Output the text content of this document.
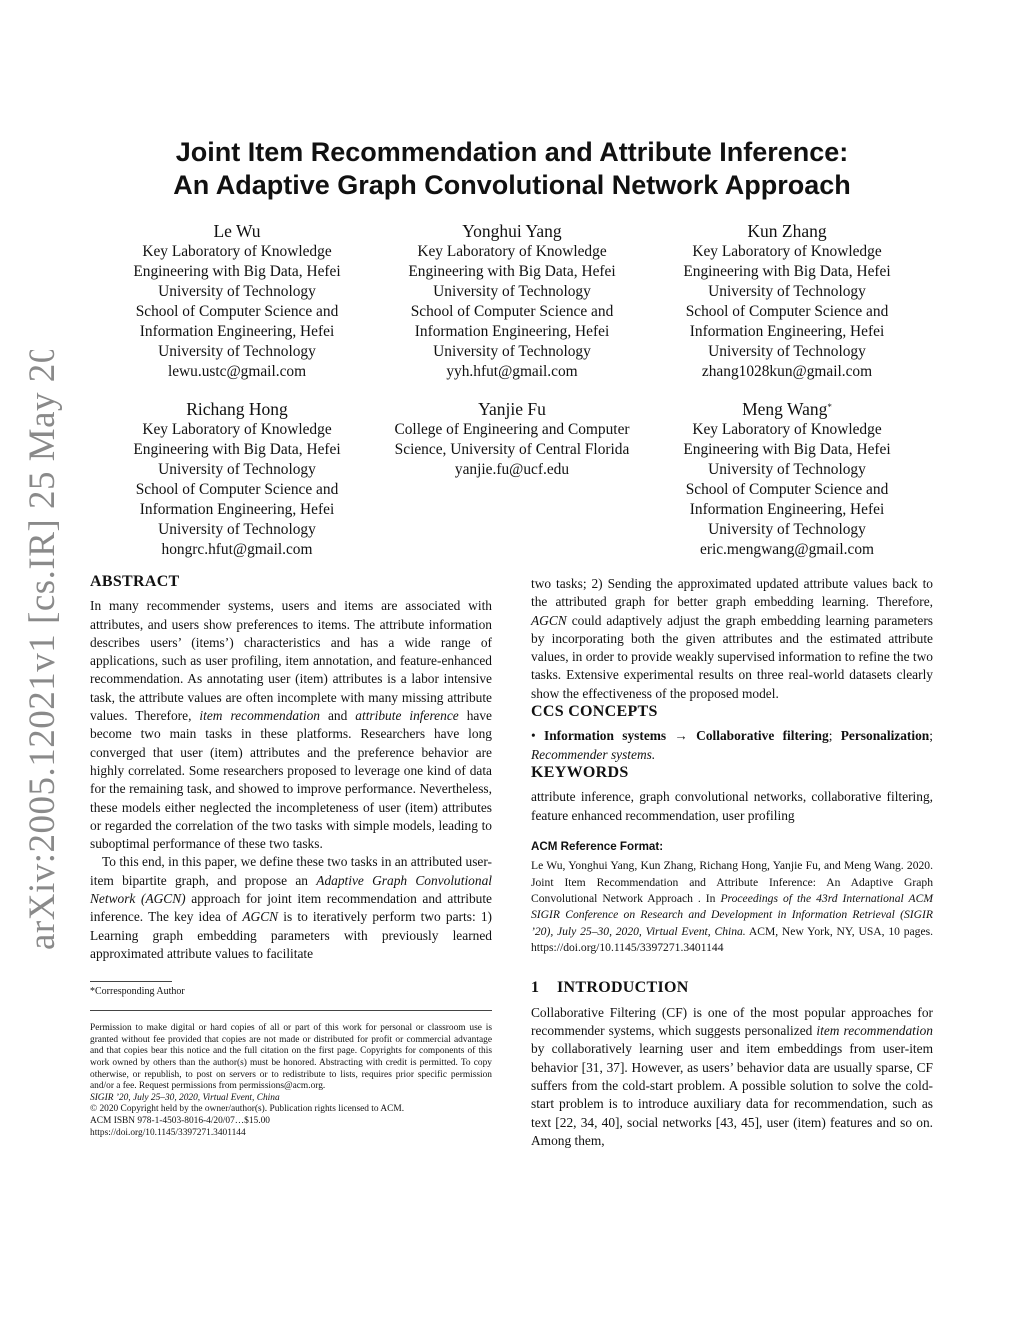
arXiv:2005.12021v1 [cs.IR] 25 May 2020
Joint Item Recommendation and Attribute Inference:
An Adaptive Graph Convolutional Network Approach
Le Wu
Key Laboratory of Knowledge
Engineering with Big Data, Hefei
University of Technology
School of Computer Science and
Information Engineering, Hefei
University of Technology
lewu.ustc@gmail.com
Yonghui Yang
Key Laboratory of Knowledge
Engineering with Big Data, Hefei
University of Technology
School of Computer Science and
Information Engineering, Hefei
University of Technology
yyh.hfut@gmail.com
Kun Zhang
Key Laboratory of Knowledge
Engineering with Big Data, Hefei
University of Technology
School of Computer Science and
Information Engineering, Hefei
University of Technology
zhang1028kun@gmail.com
Richang Hong
Key Laboratory of Knowledge
Engineering with Big Data, Hefei
University of Technology
School of Computer Science and
Information Engineering, Hefei
University of Technology
hongrc.hfut@gmail.com
Yanjie Fu
College of Engineering and Computer
Science, University of Central Florida
yanjie.fu@ucf.edu
Meng Wang*
Key Laboratory of Knowledge
Engineering with Big Data, Hefei
University of Technology
School of Computer Science and
Information Engineering, Hefei
University of Technology
eric.mengwang@gmail.com
ABSTRACT

In many recommender systems, users and items are associated with attributes, and users show preferences to items. The attribute information describes users’ (items’) characteristics and has a wide range of applications, such as user profiling, item annotation, and feature-enhanced recommendation. As annotating user (item) attributes is a labor intensive task, the attribute values are often incomplete with many missing attribute values. Therefore, item recommendation and attribute inference have become two main tasks in these platforms. Researchers have long converged that user (item) attributes and the preference behavior are highly correlated. Some researchers proposed to leverage one kind of data for the remaining task, and showed to improve performance. Nevertheless, these models either neglected the incompleteness of user (item) attributes or regarded the correlation of the two tasks with simple models, leading to suboptimal performance of these two tasks.

To this end, in this paper, we define these two tasks in an attributed user-item bipartite graph, and propose an Adaptive Graph Convolutional Network (AGCN) approach for joint item recommendation and attribute inference. The key idea of AGCN is to iteratively perform two parts: 1) Learning graph embedding parameters with previously learned approximated attribute values to facilitate

*Corresponding Author
Permission to make digital or hard copies of all or part of this work for personal or classroom use is granted without fee provided that copies are not made or distributed for profit or commercial advantage and that copies bear this notice and the full citation on the first page. Copyrights for components of this work owned by others than the author(s) must be honored. Abstracting with credit is permitted. To copy otherwise, or republish, to post on servers or to redistribute to lists, requires prior specific permission and/or a fee. Request permissions from permissions@acm.org.
SIGIR ’20, July 25–30, 2020, Virtual Event, China
© 2020 Copyright held by the owner/author(s). Publication rights licensed to ACM.
ACM ISBN 978-1-4503-8016-4/20/07…$15.00
https://doi.org/10.1145/3397271.3401144

two tasks; 2) Sending the approximated updated attribute values back to the attributed graph for better graph embedding learning. Therefore, AGCN could adaptively adjust the graph embedding learning parameters by incorporating both the given attributes and the estimated attribute values, in order to provide weakly supervised information to refine the two tasks. Extensive experimental results on three real-world datasets clearly show the effectiveness of the proposed model.

CCS CONCEPTS

• Information systems → Collaborative filtering; Personalization; Recommender systems.

KEYWORDS

attribute inference, graph convolutional networks, collaborative filtering, feature enhanced recommendation, user profiling

ACM Reference Format:
Le Wu, Yonghui Yang, Kun Zhang, Richang Hong, Yanjie Fu, and Meng Wang. 2020. Joint Item Recommendation and Attribute Inference: An Adaptive Graph Convolutional Network Approach . In Proceedings of the 43rd International ACM SIGIR Conference on Research and Development in Information Retrieval (SIGIR ’20), July 25–30, 2020, Virtual Event, China. ACM, New York, NY, USA, 10 pages. https://doi.org/10.1145/3397271.3401144
1 INTRODUCTION

Collaborative Filtering (CF) is one of the most popular approaches for recommender systems, which suggests personalized item recommendation by collaboratively learning user and item embeddings from user-item behavior [31, 37]. However, as users’ behavior data are usually sparse, CF suffers from the cold-start problem. A possible solution to solve the cold-start problem is to introduce auxiliary data for recommendation, such as text [22, 34, 40], social networks [43, 45], user (item) features and so on. Among them,
